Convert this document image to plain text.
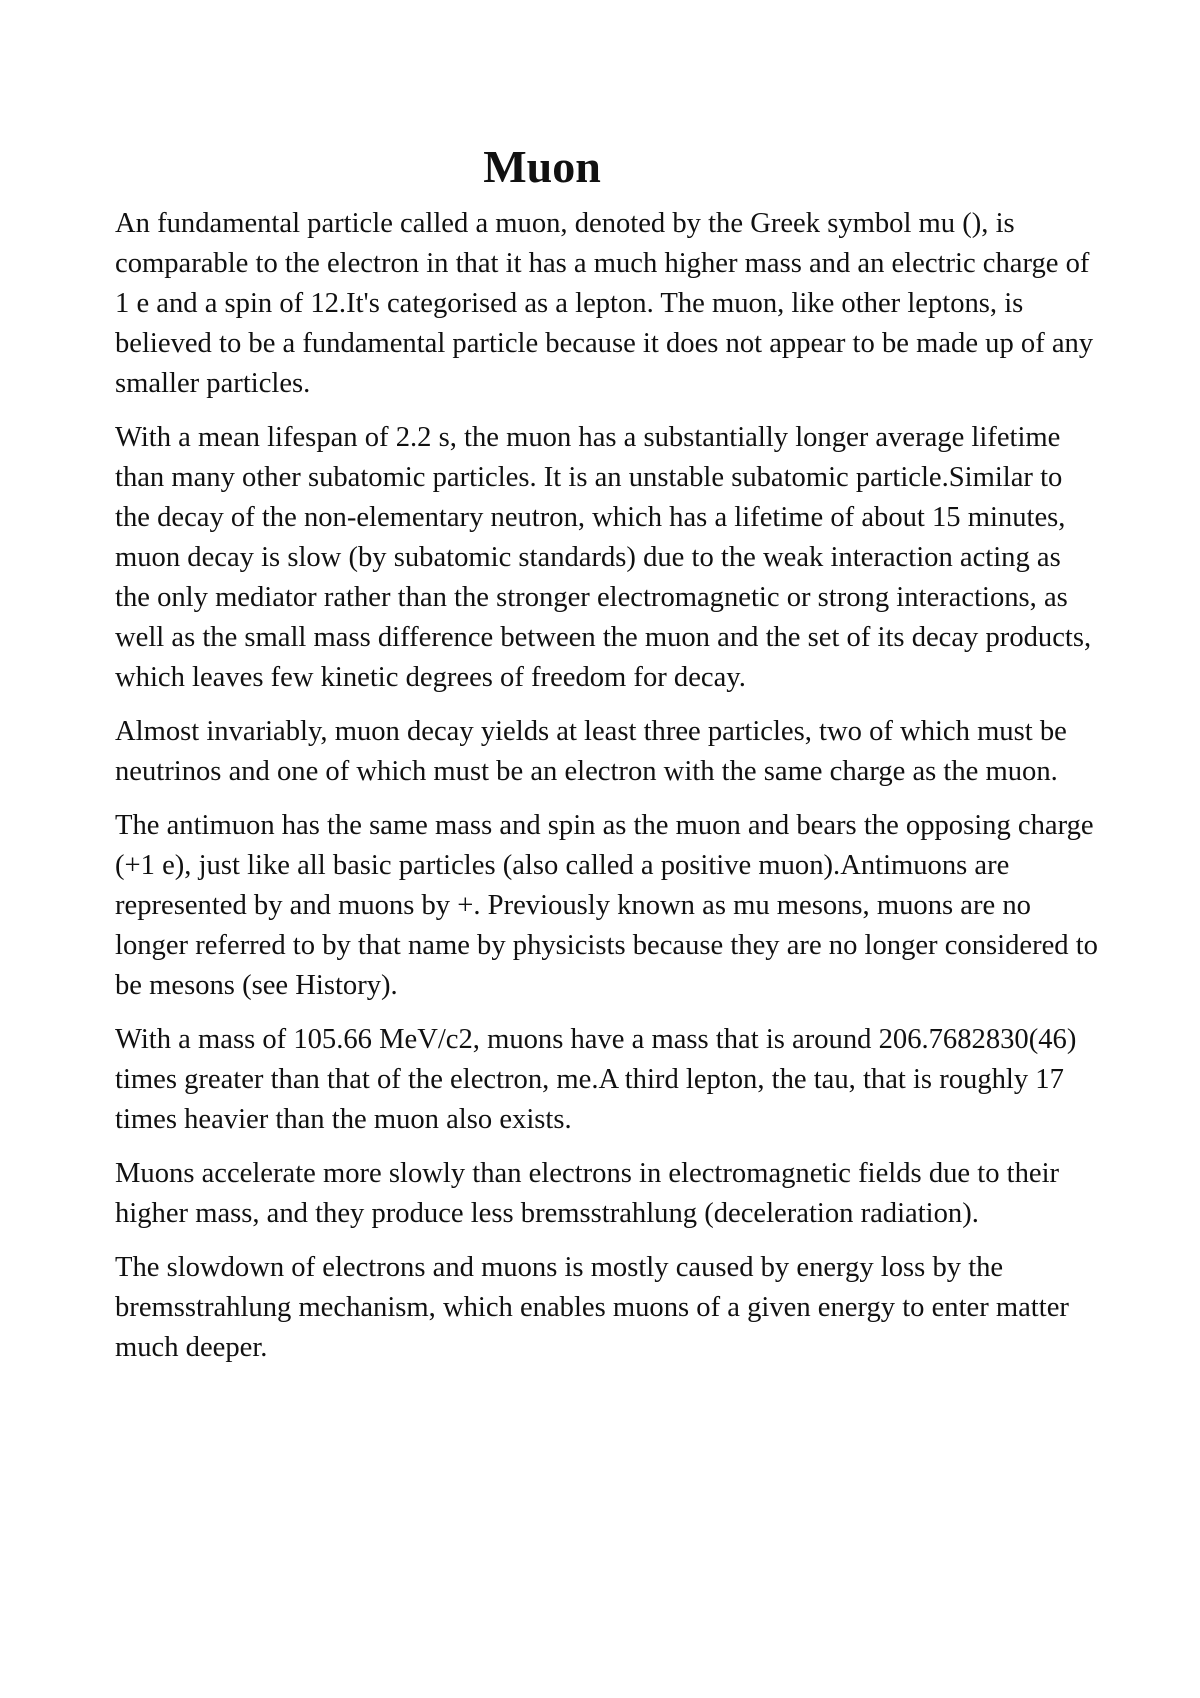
Muon

An fundamental particle called a muon, denoted by the Greek symbol mu (), is comparable to the electron in that it has a much higher mass and an electric charge of 1 e and a spin of 12.It's categorised as a lepton. The muon, like other leptons, is believed to be a fundamental particle because it does not appear to be made up of any smaller particles.

With a mean lifespan of 2.2 s, the muon has a substantially longer average lifetime than many other subatomic particles. It is an unstable subatomic particle.Similar to the decay of the non-elementary neutron, which has a lifetime of about 15 minutes, muon decay is slow (by subatomic standards) due to the weak interaction acting as the only mediator rather than the stronger electromagnetic or strong interactions, as well as the small mass difference between the muon and the set of its decay products, which leaves few kinetic degrees of freedom for decay.

Almost invariably, muon decay yields at least three particles, two of which must be neutrinos and one of which must be an electron with the same charge as the muon.

The antimuon has the same mass and spin as the muon and bears the opposing charge (+1 e), just like all basic particles (also called a positive muon).Antimuons are represented by and muons by +. Previously known as mu mesons, muons are no longer referred to by that name by physicists because they are no longer considered to be mesons (see History).

With a mass of 105.66 MeV/c2, muons have a mass that is around 206.7682830(46) times greater than that of the electron, me.A third lepton, the tau, that is roughly 17 times heavier than the muon also exists.

Muons accelerate more slowly than electrons in electromagnetic fields due to their higher mass, and they produce less bremsstrahlung (deceleration radiation).

The slowdown of electrons and muons is mostly caused by energy loss by the bremsstrahlung mechanism, which enables muons of a given energy to enter matter much deeper.
